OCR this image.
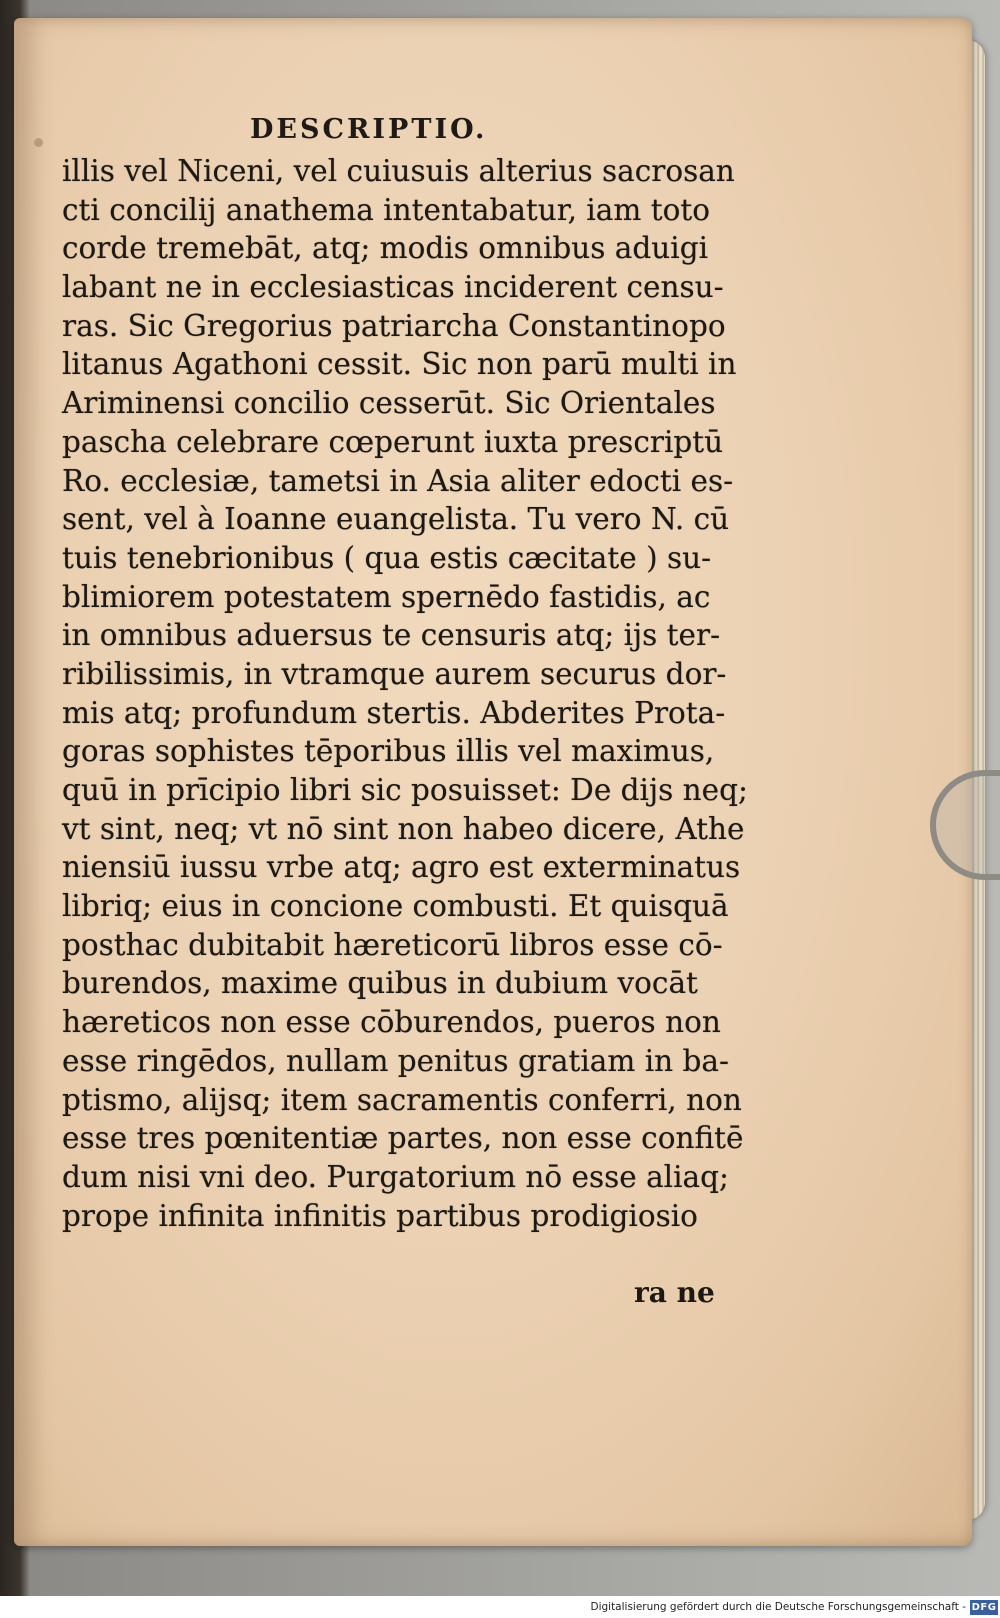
DESCRIPTIO.
illis vel Niceni, vel cuiusuis alterius sacrosan
cti concilij anathema intentabatur, iam toto
corde tremebāt, atq; modis omnibus aduigi
labant ne in ecclesiasticas inciderent censu-
ras. Sic Gregorius patriarcha Constantinopo
litanus Agathoni cessit. Sic non parū multi in
Ariminensi concilio cesserūt. Sic Orientales
pascha celebrare cœperunt iuxta prescriptū
Ro. ecclesiæ, tametsi in Asia aliter edocti es-
sent, vel à Ioanne euangelista. Tu vero N. cū
tuis tenebrionibus ( qua estis cæcitate ) su-
blimiorem potestatem spernēdo fastidis, ac
in omnibus aduersus te censuris atq; ijs ter-
ribilissimis, in vtramque aurem securus dor-
mis atq; profundum stertis. Abderites Prota-
goras sophistes tēporibus illis vel maximus,
quū in prīcipio libri sic posuisset: De dijs neq;
vt sint, neq; vt nō sint non habeo dicere, Athe
niensiū iussu vrbe atq; agro est exterminatus
libriq; eius in concione combusti. Et quisquā
posthac dubitabit hæreticorū libros esse cō-
burendos, maxime quibus in dubium vocāt
hæreticos non esse cōburendos, pueros non
esse ringēdos, nullam penitus gratiam in ba-
ptismo, alijsq; item sacramentis conferri, non
esse tres pœnitentiæ partes, non esse confitē
dum nisi vni deo. Purgatorium nō esse aliaq;
prope infinita infinitis partibus prodigiosio
ra ne
Digitalisierung gefördert durch die Deutsche Forschungsgemeinschaft - DFG
